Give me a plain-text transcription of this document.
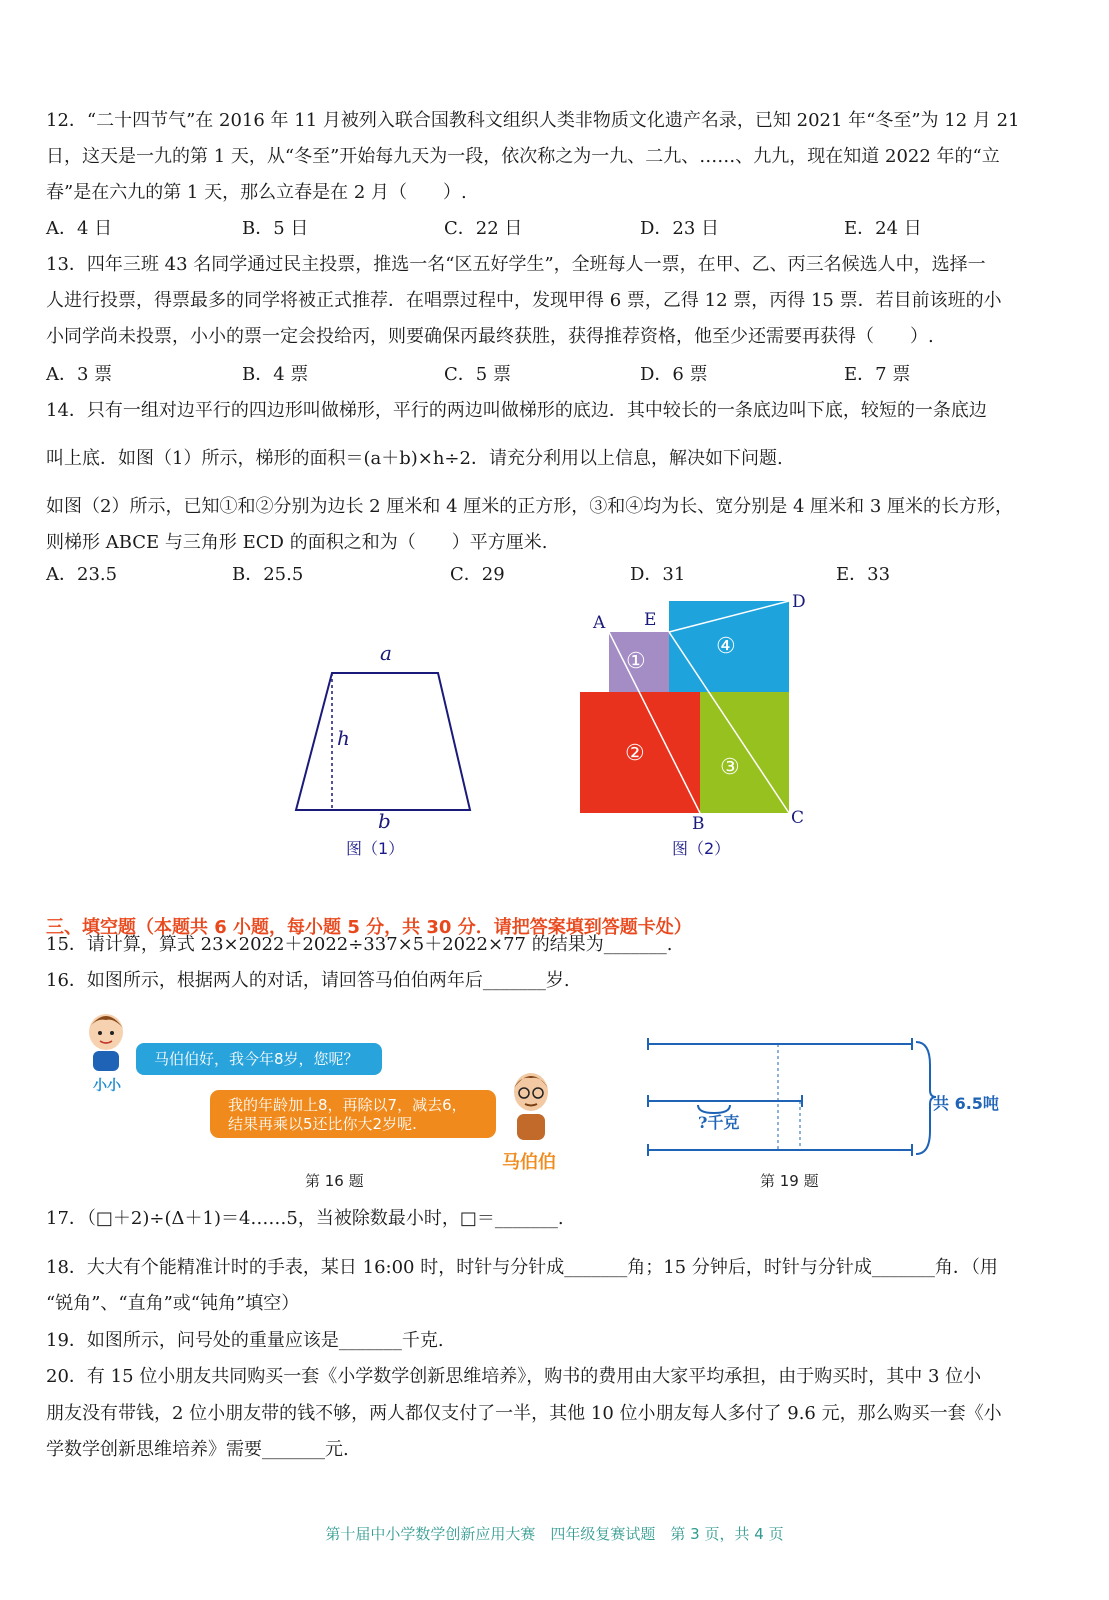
12．“二十四节气”在 2016 年 11 月被列入联合国教科文组织人类非物质文化遗产名录，已知 2021 年“冬至”为 12 月 21
日，这天是一九的第 1 天，从“冬至”开始每九天为一段，依次称之为一九、二九、……、九九，现在知道 2022 年的“立
春”是在六九的第 1 天，那么立春是在 2 月（　　）.
A．4 日	B．5 日	C．22 日	D．23 日	E．24 日
13．四年三班 43 名同学通过民主投票，推选一名“区五好学生”，全班每人一票，在甲、乙、丙三名候选人中，选择一
人进行投票，得票最多的同学将被正式推荐．在唱票过程中，发现甲得 6 票，乙得 12 票，丙得 15 票．若目前该班的小
小同学尚未投票，小小的票一定会投给丙，则要确保丙最终获胜，获得推荐资格，他至少还需要再获得（　　）.
A．3 票	B．4 票	C．5 票	D．6 票	E．7 票
14．只有一组对边平行的四边形叫做梯形，平行的两边叫做梯形的底边．其中较长的一条底边叫下底，较短的一条底边
叫上底．如图（1）所示，梯形的面积＝(a＋b)×h÷2．请充分利用以上信息，解决如下问题.
如图（2）所示，已知①和②分别为边长 2 厘米和 4 厘米的正方形，③和④均为长、宽分别是 4 厘米和 3 厘米的长方形，
则梯形 ABCE 与三角形 ECD 的面积之和为（　　）平方厘米.
A．23.5	B．25.5	C．29	D．31	E．33
a
h
b
图（1）
A E
D
B	C
①
②
③
④
图（2）
三、填空题（本题共 6 小题，每小题 5 分，共 30 分．请把答案填到答题卡处）
15．请计算，算式 23×2022＋2022÷337×5＋2022×77 的结果为_______.
16．如图所示，根据两人的对话，请回答马伯伯两年后_______岁.
小小
马伯伯好，我今年8岁，您呢？
我的年龄加上8，再除以7，减去6，
结果再乘以5还比你大2岁呢.
马伯伯
第 16 题
?千克
共 6.5吨
第 19 题
17．（□＋2)÷(Δ＋1)＝4……5，当被除数最小时，□＝_______.
18．大大有个能精准计时的手表，某日 16:00 时，时针与分针成_______角；15 分钟后，时针与分针成_______角．（用
“锐角”、“直角”或“钝角”填空）
19．如图所示，问号处的重量应该是_______千克.
20．有 15 位小朋友共同购买一套《小学数学创新思维培养》，购书的费用由大家平均承担，由于购买时，其中 3 位小
朋友没有带钱，2 位小朋友带的钱不够，两人都仅支付了一半，其他 10 位小朋友每人多付了 9.6 元，那么购买一套《小
学数学创新思维培养》需要_______元.
第十届中小学数学创新应用大赛　四年级复赛试题　第 3 页，共 4 页
